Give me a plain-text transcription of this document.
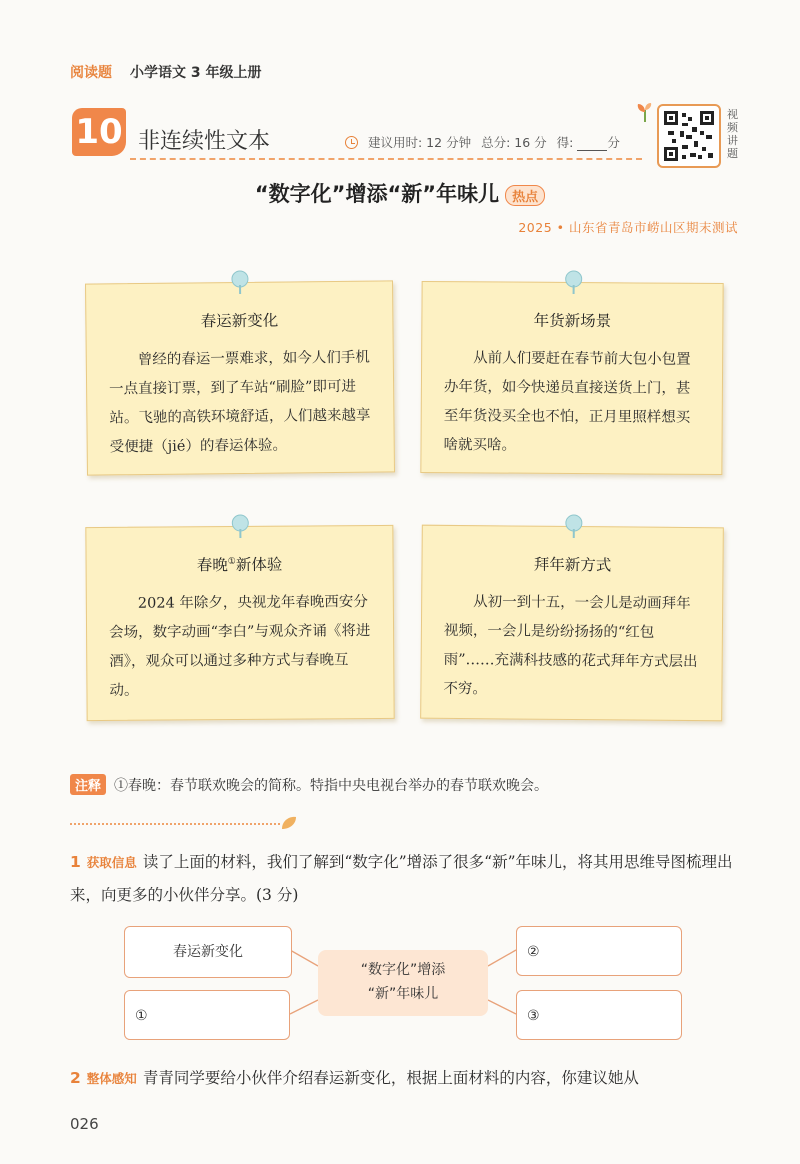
阅读题 小学语文 3 年级上册
10 非连续性文本	建议用时: 12 分钟 总分: 16 分 得:	分
视频讲题
“数字化”增添“新”年味儿 热点
2025 • 山东省青岛市崂山区期末测试
春运新变化
曾经的春运一票难求，如今人们手机一点直接订票，到了车站“刷脸”即可进站。飞驰的高铁环境舒适，人们越来越享受便捷（jié）的春运体验。
年货新场景
从前人们要赶在春节前大包小包置办年货，如今快递员直接送货上门，甚至年货没买全也不怕，正月里照样想买啥就买啥。
春晚①新体验
2024 年除夕，央视龙年春晚西安分会场，数字动画“李白”与观众齐诵《将进酒》，观众可以通过多种方式与春晚互动。
拜年新方式
从初一到十五，一会儿是动画拜年视频，一会儿是纷纷扬扬的“红包雨”……充满科技感的花式拜年方式层出不穷。
注释 ①春晚：春节联欢晚会的简称。特指中央电视台举办的春节联欢晚会。
1 获取信息 读了上面的材料，我们了解到“数字化”增添了很多“新”年味儿，将其用思维导图梳理出来，向更多的小伙伴分享。(3 分)
春运新变化
①
“数字化”增添
“新”年味儿
②
③
2 整体感知 青青同学要给小伙伴介绍春运新变化，根据上面材料的内容，你建议她从
026
